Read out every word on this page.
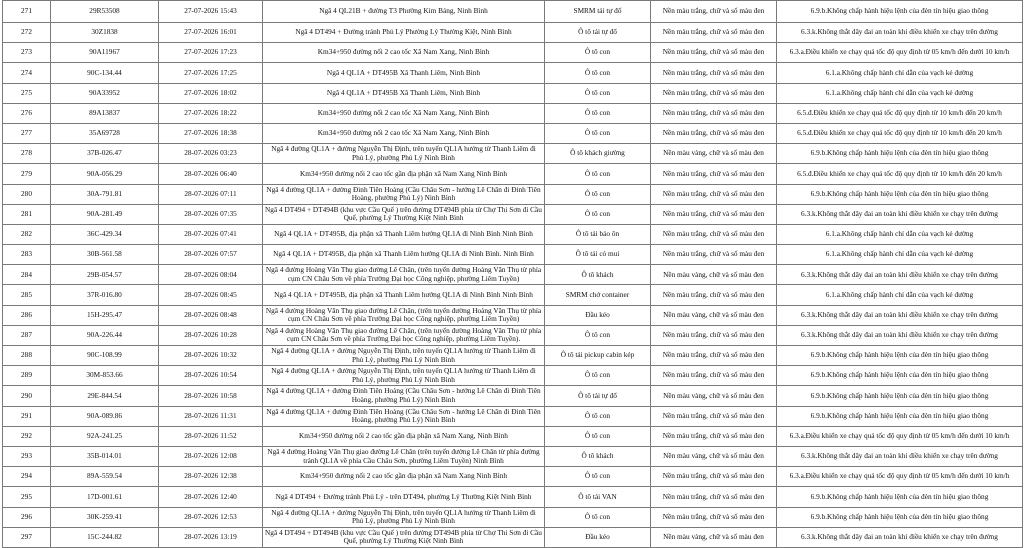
271	29R53508	27-07-2026 15:43	Ngã 4 QL21B + đường T3 Phường Kim Bảng, Ninh Bình	SMRM tải tự đổ	Nền màu trắng, chữ và số màu đen	6.9.b.Không chấp hành hiệu lệnh của đèn tín hiệu giao thông
272	30Z1838	27-07-2026 16:01	Ngã 4 DT494 + Đường tránh Phủ Lý Phường Lý Thường Kiệt, Ninh Bình	Ô tô tải tự đổ	Nền màu trắng, chữ và số màu đen	6.3.k.Không thắt dây đai an toàn khi điều khiển xe chạy trên đường
273	90A11967	27-07-2026 17:23	Km34+950 đường nối 2 cao tốc Xã Nam Xang, Ninh Bình	Ô tô con	Nền màu trắng, chữ và số màu đen	6.3.a.Điều khiển xe chạy quá tốc độ quy định từ 05 km/h đến dưới 10 km/h
274	90C-134.44	27-07-2026 17:25	Ngã 4 QL1A + DT495B Xã Thanh Liêm, Ninh Bình	Ô tô con	Nền màu trắng, chữ và số màu đen	6.1.a.Không chấp hành chỉ dẫn của vạch kẻ đường
275	90A33952	27-07-2026 18:02	Ngã 4 QL1A + DT495B Xã Thanh Liêm, Ninh Bình	Ô tô con	Nền màu trắng, chữ và số màu đen	6.1.a.Không chấp hành chỉ dẫn của vạch kẻ đường
276	89A13837	27-07-2026 18:22	Km34+950 đường nối 2 cao tốc Xã Nam Xang, Ninh Bình	Ô tô con	Nền màu trắng, chữ và số màu đen	6.5.đ.Điều khiển xe chạy quá tốc độ quy định từ 10 km/h đến 20 km/h
277	35A69728	27-07-2026 18:38	Km34+950 đường nối 2 cao tốc Xã Nam Xang, Ninh Bình	Ô tô con	Nền màu trắng, chữ và số màu đen	6.5.đ.Điều khiển xe chạy quá tốc độ quy định từ 10 km/h đến 20 km/h
278	37B-026.47	28-07-2026 03:23	Ngã 4 đường QL1A + đường Nguyễn Thị Định, trên tuyến QL1A hướng từ Thanh Liêm đi Phủ Lý, phường Phủ Lý Ninh Bình	Ô tô khách giường	Nền màu vàng, chữ và số màu đen	6.9.b.Không chấp hành hiệu lệnh của đèn tín hiệu giao thông
279	90A-056.29	28-07-2026 06:40	Km34+950 đường nối 2 cao tốc gần địa phận xã Nam Xang Ninh Bình	Ô tô con	Nền màu trắng, chữ và số màu đen	6.5.đ.Điều khiển xe chạy quá tốc độ quy định từ 10 km/h đến 20 km/h
280	30A-791.81	28-07-2026 07:11	Ngã 4 đường QL1A + đường Đinh Tiên Hoàng (Cầu Châu Sơn - hướng Lê Chân đi Đinh Tiên Hoàng, phường Phủ Lý) Ninh Bình	Ô tô con	Nền màu trắng, chữ và số màu đen	6.9.b.Không chấp hành hiệu lệnh của đèn tín hiệu giao thông
281	90A-281.49	28-07-2026 07:35	Ngã 4 DT494 + DT494B (khu vực Cầu Quế ) trên đường DT494B phía từ Chợ Thi Sơn đi Cầu Quế, phường Lý Thường Kiệt Ninh Bình	Ô tô con	Nền màu trắng, chữ và số màu đen	6.3.k.Không thắt dây đai an toàn khi điều khiển xe chạy trên đường
282	36C-429.34	28-07-2026 07:41	Ngã 4 QL1A + DT495B, địa phận xã Thanh Liêm hướng QL1A đi Ninh Bình Ninh Bình	Ô tô tải bảo ôn	Nền màu trắng, chữ và số màu đen	6.1.a.Không chấp hành chỉ dẫn của vạch kẻ đường
283	30B-561.58	28-07-2026 07:57	Ngã 4 QL1A + DT495B, địa phận xã Thanh Liêm hướng QL1A đi Ninh Bình. Ninh Bình	Ô tô tải có mui	Nền màu trắng, chữ và số màu đen	6.1.a.Không chấp hành chỉ dẫn của vạch kẻ đường
284	29B-054.57	28-07-2026 08:04	Ngã 4 đường Hoàng Văn Thụ giao đường Lê Chân, (trên tuyến đường Hoàng Văn Thụ từ phía cụm CN Châu Sơn về phía Trường Đại học Công nghiệp, phường Liêm Tuyền)	Ô tô khách	Nền màu vàng, chữ và số màu đen	6.3.k.Không thắt dây đai an toàn khi điều khiển xe chạy trên đường
285	37R-016.80	28-07-2026 08:45	Ngã 4 QL1A + DT495B, địa phận xã Thanh Liêm hướng QL1A đi Ninh Bình Ninh Bình	SMRM chở container	Nền màu trắng, chữ và số màu đen	6.1.a.Không chấp hành chỉ dẫn của vạch kẻ đường
286	15H-295.47	28-07-2026 08:48	Ngã 4 đường Hoàng Văn Thụ giao đường Lê Chân, (trên tuyến đường Hoàng Văn Thụ từ phía cụm CN Châu Sơn về phía Trường Đại học Công nghiệp, phường Liêm Tuyền)	Đầu kéo	Nền màu vàng, chữ và số màu đen	6.3.k.Không thắt dây đai an toàn khi điều khiển xe chạy trên đường
287	90A-226.44	28-07-2026 10:28	Ngã 4 đường Hoàng Văn Thụ giao đường Lê Chân, (trên tuyến đường Hoàng Văn Thụ từ phía cụm CN Châu Sơn về phía Trường Đại học Công nghiệp, phường Liêm Tuyền).	Ô tô con	Nền màu trắng, chữ và số màu đen	6.3.k.Không thắt dây đai an toàn khi điều khiển xe chạy trên đường
288	90C-108.99	28-07-2026 10:32	Ngã 4 đường QL1A + đường Nguyễn Thị Định, trên tuyến QL1A hướng từ Thanh Liêm đi Phủ Lý, phường Phủ Lý Ninh Bình	Ô tô tải pickup cabin kép	Nền màu trắng, chữ và số màu đen	6.9.b.Không chấp hành hiệu lệnh của đèn tín hiệu giao thông
289	30M-853.66	28-07-2026 10:54	Ngã 4 đường QL1A + đường Nguyễn Thị Định, trên tuyến QL1A hướng từ Thanh Liêm đi Phủ Lý, phường Phủ Lý Ninh Bình	Ô tô con	Nền màu trắng, chữ và số màu đen	6.9.b.Không chấp hành hiệu lệnh của đèn tín hiệu giao thông
290	29E-844.54	28-07-2026 10:58	Ngã 4 đường QL1A + đường Đinh Tiên Hoàng (Cầu Châu Sơn - hướng Lê Chân đi Đinh Tiên Hoàng, phường Phủ Lý) Ninh Bình	Ô tô tải tự đổ	Nền màu vàng, chữ và số màu đen	6.9.b.Không chấp hành hiệu lệnh của đèn tín hiệu giao thông
291	90A-089.86	28-07-2026 11:31	Ngã 4 đường QL1A + đường Đinh Tiên Hoàng (Cầu Châu Sơn - hướng Lê Chân đi Đinh Tiên Hoàng, phường Phủ Lý) Ninh Bình	Ô tô con	Nền màu trắng, chữ và số màu đen	6.9.b.Không chấp hành hiệu lệnh của đèn tín hiệu giao thông
292	92A-241.25	28-07-2026 11:52	Km34+950 đường nối 2 cao tốc gần địa phận xã Nam Xang, Ninh Bình	Ô tô con	Nền màu trắng, chữ và số màu đen	6.3.a.Điều khiển xe chạy quá tốc độ quy định từ 05 km/h đến dưới 10 km/h
293	35B-014.01	28-07-2026 12:08	Ngã 4 đường Hoàng Văn Thụ giao đường Lê Chân (trên tuyến đường Lê Chân từ phía đường tránh QL1A về phía Cầu Châu Sơn, phường Liêm Tuyền) Ninh Bình	Ô tô khách	Nền màu vàng, chữ và số màu đen	6.3.k.Không thắt dây đai an toàn khi điều khiển xe chạy trên đường
294	89A-559.54	28-07-2026 12:38	Km34+950 đường nối 2 cao tốc gần địa phận xã Nam Xang Ninh Bình	Ô tô con	Nền màu trắng, chữ và số màu đen	6.3.a.Điều khiển xe chạy quá tốc độ quy định từ 05 km/h đến dưới 10 km/h
295	17D-001.61	28-07-2026 12:40	Ngã 4 DT494 + Đường tránh Phủ Lý - trên DT494, phường Lý Thường Kiệt Ninh Bình	Ô tô tải VAN	Nền màu trắng, chữ và số màu đen	6.9.b.Không chấp hành hiệu lệnh của đèn tín hiệu giao thông
296	30K-259.41	28-07-2026 12:53	Ngã 4 đường QL1A + đường Nguyễn Thị Định, trên tuyến QL1A hướng từ Thanh Liêm đi Phủ Lý, phường Phủ Lý Ninh Bình	Ô tô con	Nền màu trắng, chữ và số màu đen	6.9.b.Không chấp hành hiệu lệnh của đèn tín hiệu giao thông
297	15C-244.82	28-07-2026 13:19	Ngã 4 DT494 + DT494B (khu vực Cầu Quế ) trên đường DT494B phía từ Chợ Thi Sơn đi Cầu Quế, phường Lý Thường Kiệt Ninh Bình	Đầu kéo	Nền màu vàng, chữ và số màu đen	6.3.k.Không thắt dây đai an toàn khi điều khiển xe chạy trên đường
